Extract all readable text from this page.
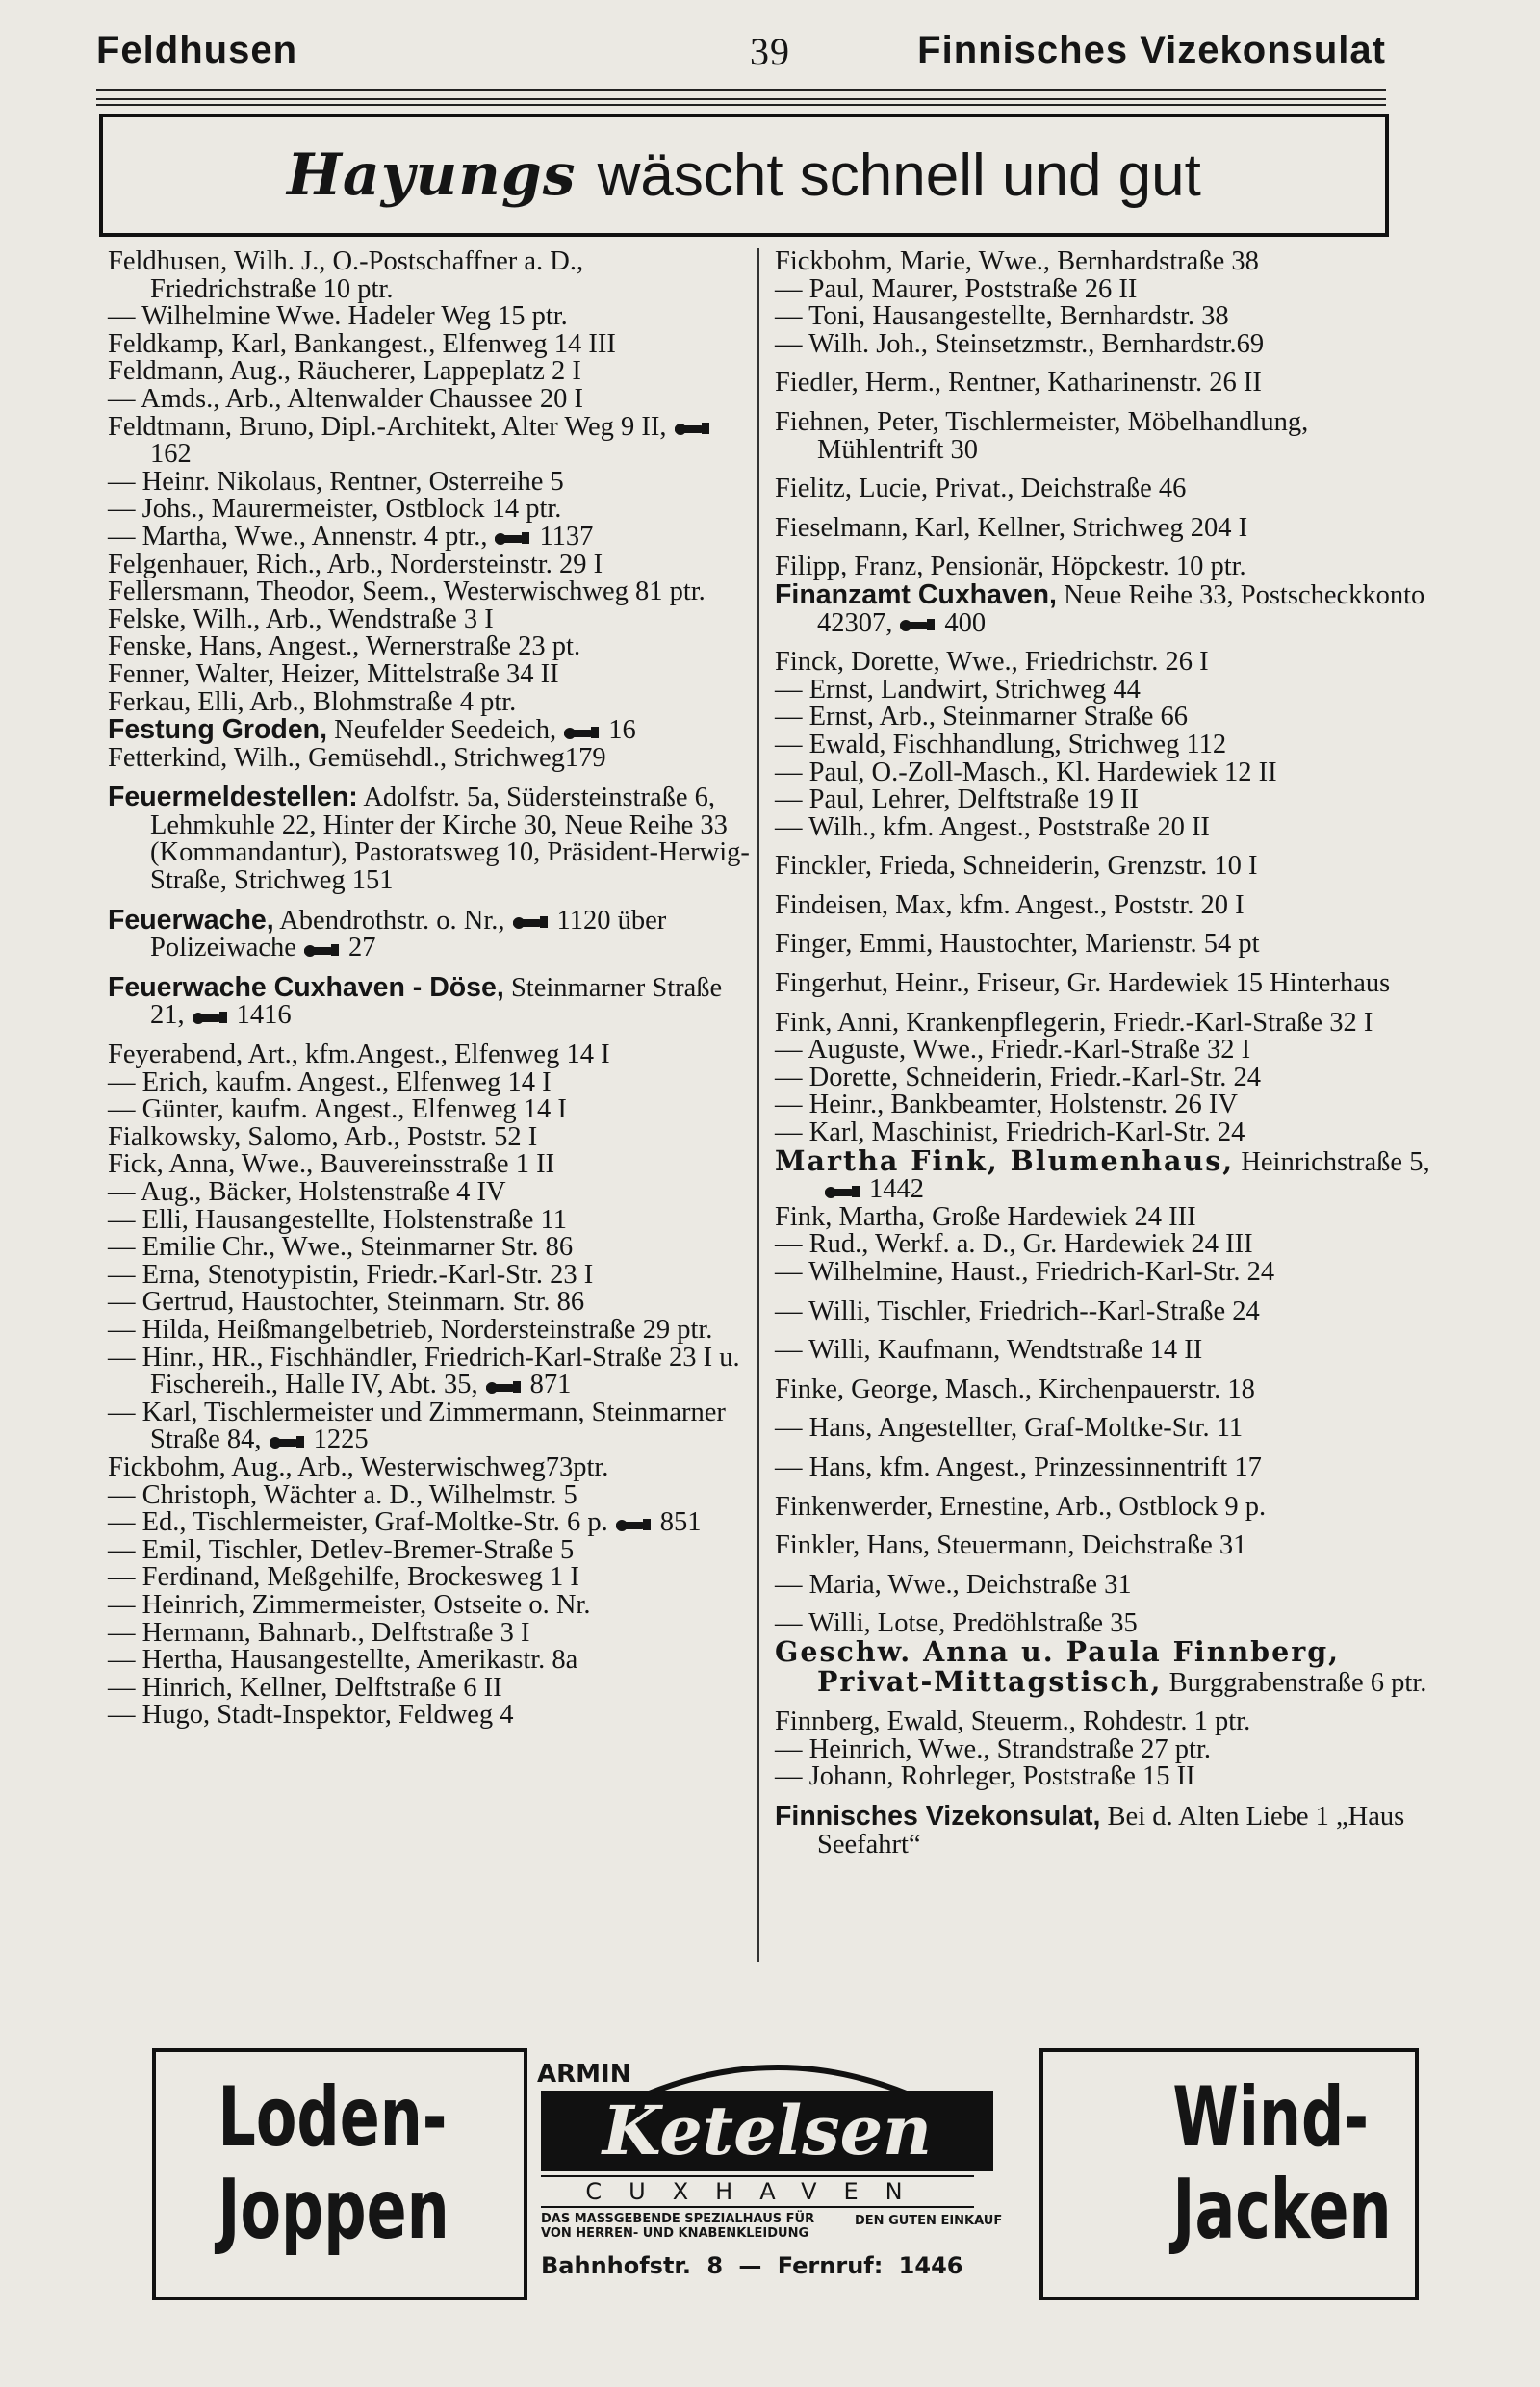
Feldhusen	39	Finnisches Vizekonsulat
Hayungs wäscht schnell und gut

Feldhusen, Wilh. J., O.-Postschaffner a. D., Friedrichstraße 10 ptr.

— Wilhelmine Wwe. Hadeler Weg 15 ptr.

Feldkamp, Karl, Bankangest., Elfenweg 14 III

Feldmann, Aug., Räucherer, Lappeplatz 2 I

— Amds., Arb., Altenwalder Chaussee 20 I

Feldtmann, Bruno, Dipl.-Architekt, Alter Weg 9 II,
162

— Heinr. Nikolaus, Rentner, Osterreihe 5

— Johs., Maurermeister, Ostblock 14 ptr.

— Martha, Wwe., Annenstr. 4 ptr., 1137

Felgenhauer, Rich., Arb., Norderstеinstr. 29 I

Fellersmann, Theodor, Seem., Westerwischweg 81 ptr.

Felske, Wilh., Arb., Wendstraße 3 I

Fenske, Hans, Angest., Wernerstraße 23 pt.

Fenner, Walter, Heizer, Mittelstraße 34 II

Ferkau, Elli, Arb., Blohmstraße 4 ptr.

Festung Groden, Neufelder Seedeich, 16

Fetterkind, Wilh., Gemüsehdl., Strichweg179

Feuermeldestellen: Adolfstr. 5a, Südersteinstraße 6, Lehmkuhle 22, Hinter der Kirche 30, Neue Reihe 33 (Kommandantur), Pastoratsweg 10, Präsident-Herwig-Straße, Strichweg 151

Feuerwache, Abendrothstr. o. Nr., 1120 über Polizeiwache 27

Feuerwache Cuxhaven - Döse, Steinmarner Straße 21, 1416

Feyerabend, Art., kfm.Angest., Elfenweg 14 I

— Erich, kaufm. Angest., Elfenweg 14 I

— Günter, kaufm. Angest., Elfenweg 14 I

Fialkowsky, Salomo, Arb., Poststr. 52 I

Fick, Anna, Wwe., Bauvereinsstraße 1 II

— Aug., Bäcker, Holstenstraße 4 IV

— Elli, Hausangestellte, Holstenstraße 11

— Emilie Chr., Wwe., Steinmarner Str. 86

— Erna, Stenotypistin, Friedr.-Karl-Str. 23 I

— Gertrud, Haustochter, Steinmarn. Str. 86

— Hilda, Heißmangelbetrieb, Nordersteinstraße 29 ptr.

— Hinr., HR., Fischhändler, Friedrich-Karl-Straße 23 I u. Fischereih., Halle IV, Abt. 35, 871

— Karl, Tischlermeister und Zimmermann, Steinmarner Straße 84, 1225

Fickbohm, Aug., Arb., Westerwischweg73ptr.

— Christoph, Wächter a. D., Wilhelmstr. 5

— Ed., Tischlermeister, Graf-Moltke-Str. 6 p. 851

— Emil, Tischler, Detlev-Bremer-Straße 5

— Ferdinand, Meßgehilfe, Brockesweg 1 I

— Heinrich, Zimmermeister, Ostseite o. Nr.

— Hermann, Bahnarb., Delftstraße 3 I

— Hertha, Hausangestellte, Amerikastr. 8a

— Hinrich, Kellner, Delftstraße 6 II

— Hugo, Stadt-Inspektor, Feldweg 4

Fickbohm, Marie, Wwe., Bernhardstraße 38

— Paul, Maurer, Poststraße 26 II

— Toni, Hausangestellte, Bernhardstr. 38

— Wilh. Joh., Steinsetzmstr., Bernhardstr.69

Fiedler, Herm., Rentner, Katharinenstr. 26 II

Fiehnen, Peter, Tischlermeister, Möbelhandlung, Mühlentrift 30

Fielitz, Lucie, Privat., Deichstraße 46

Fieselmann, Karl, Kellner, Strichweg 204 I

Filipp, Franz, Pensionär, Höpckestr. 10 ptr.

Finanzamt Cuxhaven, Neue Reihe 33, Postscheckkonto 42307, 400

Finck, Dorette, Wwe., Friedrichstr. 26 I

— Ernst, Landwirt, Strichweg 44

— Ernst, Arb., Steinmarner Straße 66

— Ewald, Fischhandlung, Strichweg 112

— Paul, O.-Zoll-Masch., Kl. Hardewiek 12 II

— Paul, Lehrer, Delftstraße 19 II

— Wilh., kfm. Angest., Poststraße 20 II

Finckler, Frieda, Schneiderin, Grenzstr. 10 I

Findeisen, Max, kfm. Angest., Poststr. 20 I

Finger, Emmi, Haustochter, Marienstr. 54 pt

Fingerhut, Heinr., Friseur, Gr. Hardewiek 15 Hinterhaus

Fink, Anni, Krankenpflegerin, Friedr.-Karl-Straße 32 I

— Auguste, Wwe., Friedr.-Karl-Straße 32 I

— Dorette, Schneiderin, Friedr.-Karl-Str. 24

— Heinr., Bankbeamter, Holstenstr. 26 IV

— Karl, Maschinist, Friedrich-Karl-Str. 24

Martha Fink, Blumenhaus, Heinrichstraße 5,
1442

Fink, Martha, Große Hardewiek 24 III

— Rud., Werkf. a. D., Gr. Hardewiek 24 III

— Wilhelmine, Haust., Friedrich-Karl-Str. 24

— Willi, Tischler, Friedrich--Karl-Straße 24

— Willi, Kaufmann, Wendtstraße 14 II

Finke, George, Masch., Kirchenpauerstr. 18

— Hans, Angestellter, Graf-Moltke-Str. 11

— Hans, kfm. Angest., Prinzessinnentrift 17

Finkenwerder, Ernestine, Arb., Ostblock 9 p.

Finkler, Hans, Steuermann, Deichstraße 31

— Maria, Wwe., Deichstraße 31

— Willi, Lotse, Predöhlstraße 35

Geschw. Anna u. Paula Finnberg, Privat-Mittagstisch, Burggrabenstraße 6 ptr.

Finnberg, Ewald, Steuerm., Rohdestr. 1 ptr.

— Heinrich, Wwe., Strandstraße 27 ptr.

— Johann, Rohrleger, Poststraße 15 II

Finnisches Vizekonsulat, Bei d. Alten Liebe 1 „Haus Seefahrt“

Loden-
Joppen
ARMIN
Ketelsen
CUXHAVEN
DAS MASSGEBENDE SPEZIALHAUS FÜR VON HERREN- UND KNABENKLEIDUNG
DEN GUTEN EINKAUF
Bahnhofstr. 8 — Fernruf: 1446
Wind-
Jacken
